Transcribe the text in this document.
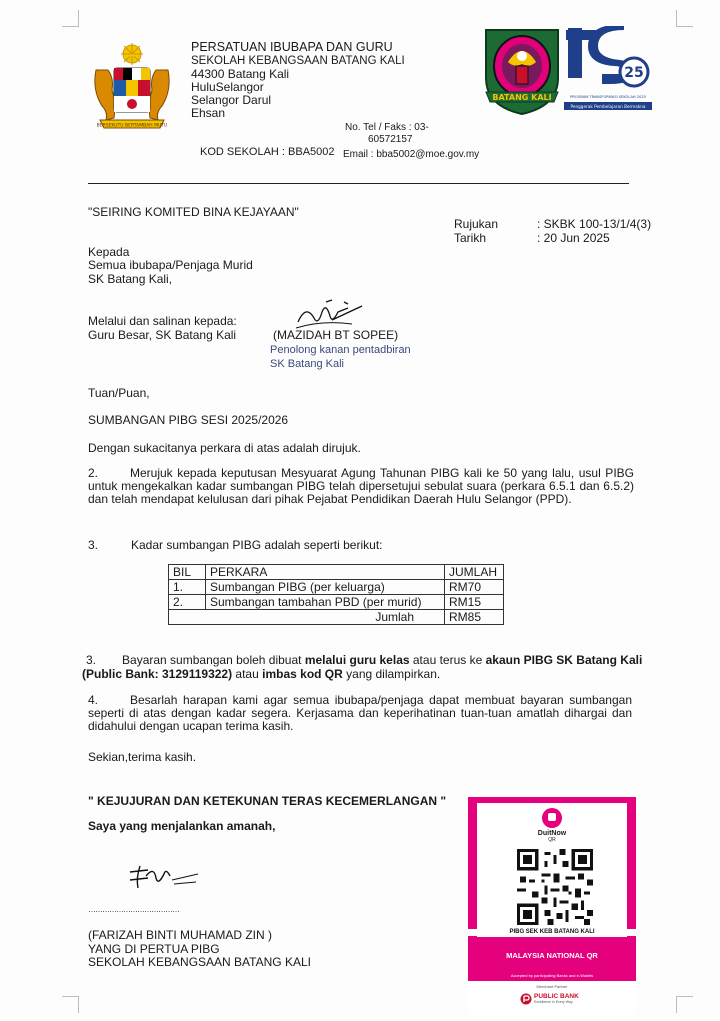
BERSEKUTU BERTAMBAH MUTU
PERSATUAN IBUBAPA DAN GURU
SEKOLAH KEBANGSAAN BATANG KALI
44300 Batang Kali
HuluSelangor
Selangor Darul
Ehsan
No. Tel / Faks : 03-
60572157
KOD SEKOLAH : BBA5002 Email : bba5002@moe.gov.my
BATANG KALI
25
PROGRAM TRANSFORMASI SEKOLAH 2025
Penggerak Pembelajaran Bermakna
"SEIRING KOMITED BINA KEJAYAAN"
Rujukan	: SKBK 100-13/1/4(3)
Tarikh	: 20 Jun 2025
Kepada
Semua ibubapa/Penjaga Murid
SK Batang Kali,
Melalui dan salinan kepada:
Guru Besar, SK Batang Kali	(MAZIDAH BT SOPEE)
Penolong kanan pentadbiran
SK Batang Kali
Tuan/Puan,
SUMBANGAN PIBG SESI 2025/2026
Dengan sukacitanya perkara di atas adalah dirujuk.
2.	Merujuk kepada keputusan Mesyuarat Agung Tahunan PIBG kali ke 50 yang lalu, usul PIBG untuk mengekalkan kadar sumbangan PIBG telah dipersetujui sebulat suara (perkara 6.5.1 dan 6.5.2) dan telah mendapat kelulusan dari pihak Pejabat Pendidikan Daerah Hulu Selangor (PPD).
3.	Kadar sumbangan PIBG adalah seperti berikut:
BIL	PERKARA	JUMLAH
1.	Sumbangan PIBG (per keluarga)	RM70
2.	Sumbangan tambahan PBD (per murid)	RM15
	Jumlah	RM85
3. Bayaran sumbangan boleh dibuat melalui guru kelas atau terus ke akaun PIBG SK Batang Kali
(Public Bank: 3129119322) atau imbas kod QR yang dilampirkan.
4.	Besarlah harapan kami agar semua ibubapa/penjaga dapat membuat bayaran sumbangan seperti di atas dengan kadar segera. Kerjasama dan keperihatinan tuan-tuan amatlah dihargai dan didahului dengan ucapan terima kasih.
Sekian,terima kasih.
" KEJUJURAN DAN KETEKUNAN TERAS KECEMERLANGAN "
Saya yang menjalankan amanah,
…………………………………
(FARIZAH BINTI MUHAMAD ZIN )
YANG DI PERTUA PIBG
SEKOLAH KEBANGSAAN BATANG KALI
DuitNow
QR
PIBG SEK KEB BATANG KALI
MALAYSIA NATIONAL QR
Accepted by participating Banks and e-Wallets
Merchant Partner
PUBLIC BANK
Excellence In Every Way
